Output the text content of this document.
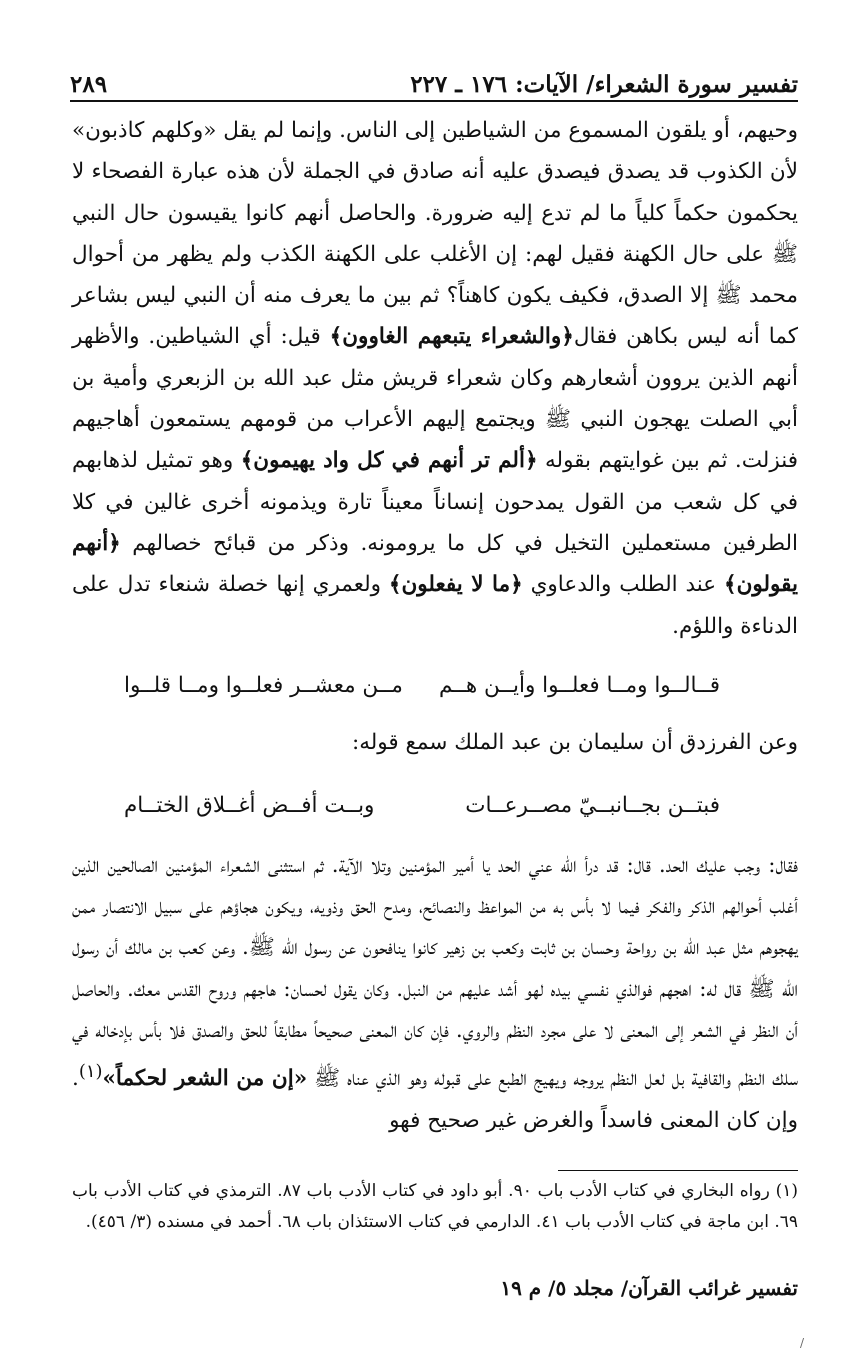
تفسير سورة الشعراء/ الآيات: ١٧٦ ـ ٢٢٧
٢٨٩

وحيهم، أو يلقون المسموع من الشياطين إلى الناس. وإنما لم يقل «وكلهم كاذبون» لأن الكذوب قد يصدق فيصدق عليه أنه صادق في الجملة لأن هذه عبارة الفصحاء لا يحكمون حكماً كلياً ما لم تدع إليه ضرورة. والحاصل أنهم كانوا يقيسون حال النبي ﷺ على حال الكهنة فقيل لهم: إن الأغلب على الكهنة الكذب ولم يظهر من أحوال محمد ﷺ إلا الصدق، فكيف يكون كاهناً؟ ثم بين ما يعرف منه أن النبي ليس بشاعر كما أنه ليس بكاهن فقال﴿والشعراء يتبعهم الغاوون﴾ قيل: أي الشياطين. والأظهر أنهم الذين يروون أشعارهم وكان شعراء قريش مثل عبد الله بن الزبعري وأمية بن أبي الصلت يهجون النبي ﷺ ويجتمع إليهم الأعراب من قومهم يستمعون أهاجيهم فنزلت. ثم بين غوايتهم بقوله ﴿ألم تر أنهم في كل واد يهيمون﴾ وهو تمثيل لذهابهم في كل شعب من القول يمدحون إنساناً معيناً تارة ويذمونه أخرى غالين في كلا الطرفين مستعملين التخيل في كل ما يرومونه. وذكر من قبائح خصالهم ﴿أنهم يقولون﴾ عند الطلب والدعاوي ﴿ما لا يفعلون﴾ ولعمري إنها خصلة شنعاء تدل على الدناءة واللؤم.

قــالــوا ومــا فعلــوا وأيــن هــم
مــن معشــر فعلــوا ومــا قلــوا

وعن الفرزدق أن سليمان بن عبد الملك سمع قوله:

فبتــن بجــانبــيّ مصــرعــات
وبــت أفــض أغــلاق الختــام

فقال: وجب عليك الحد. قال: قد درأ الله عني الحد يا أمير المؤمنين وتلا الآية. ثم استثنى الشعراء المؤمنين الصالحين الذين أغلب أحوالهم الذكر والفكر فيما لا بأس به من المواعظ والنصائح، ومدح الحق وذويه، ويكون هجاؤهم على سبيل الانتصار ممن يهجوهم مثل عبد الله بن رواحة وحسان بن ثابت وكعب بن زهير كانوا ينافحون عن رسول الله ﷺ. وعن كعب بن مالك أن رسول الله ﷺ قال له: اهجهم فوالذي نفسي بيده لهو أشد عليهم من النبل. وكان يقول لحسان: هاجهم وروح القدس معك. والحاصل أن النظر في الشعر إلى المعنى لا على مجرد النظم والروي. فإن كان المعنى صحيحاً مطابقاً للحق والصدق فلا بأس بإدخاله في سلك النظم والقافية بل لعل النظم يروجه ويهيج الطبع على قبوله وهو الذي عناه ﷺ «إن من الشعر لحكماً»$^{(١)}$. وإن كان المعنى فاسداً والغرض غير صحيح فهو

(١) رواه البخاري في كتاب الأدب باب ٩٠. أبو داود في كتاب الأدب باب ٨٧. الترمذي في كتاب الأدب باب ٦٩. ابن ماجة في كتاب الأدب باب ٤١. الدارمي في كتاب الاستئذان باب ٦٨. أحمد في مسنده (٣/ ٤٥٦).

تفسير غرائب القرآن/ مجلد ٥/ م ١٩
/
